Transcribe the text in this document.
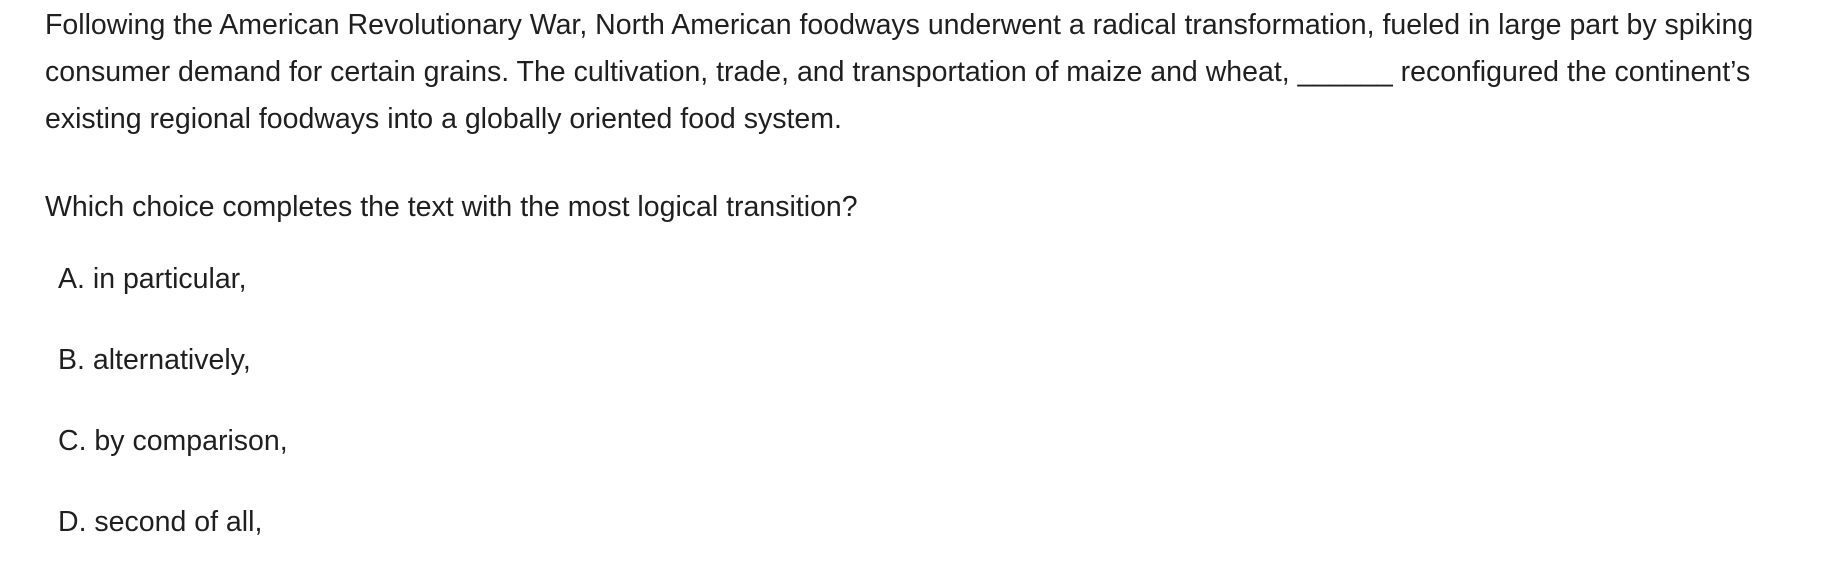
Following the American Revolutionary War, North American foodways underwent a radical transformation, fueled in large part by spiking consumer demand for certain grains. The cultivation, trade, and transportation of maize and wheat, ______ reconfigured the continent’s existing regional foodways into a globally oriented food system.

Which choice completes the text with the most logical transition?

A. in particular,
B. alternatively,
C. by comparison,
D. second of all,
